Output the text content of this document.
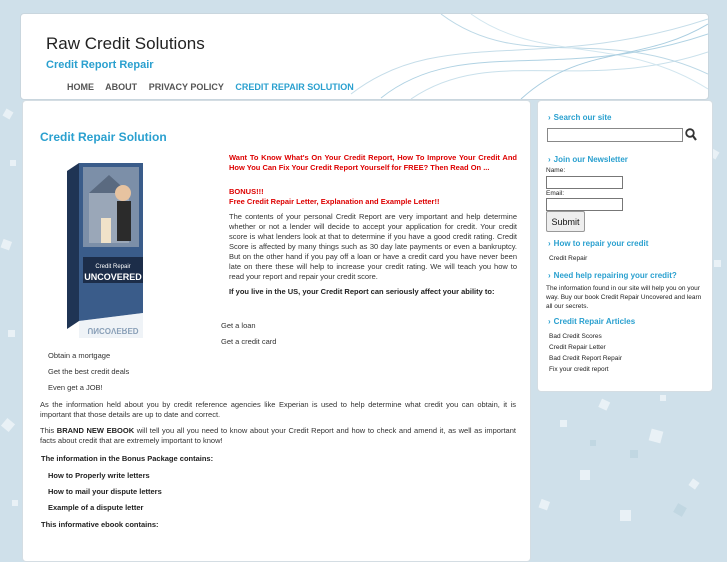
Raw Credit Solutions
Credit Report Repair
HOME ABOUT PRIVACY POLICY CREDIT REPAIR SOLUTION
Credit Repair Solution
Credit Repair
UNCOVERED
UNCOVERED

Want To Know What's On Your Credit Report, How To Improve Your Credit And How You Can Fix Your Credit Report Yourself for FREE? Then Read On ...

BONUS!!!

Free Credit Repair Letter, Explanation and Example Letter!!

The contents of your personal Credit Report are very important and help determine whether or not a lender will decide to accept your application for credit. Your credit score is what lenders look at that to determine if you have a good credit rating. Credit Score is affected by many things such as 30 day late payments or even a bankruptcy. But on the other hand if you pay off a loan or have a credit card you have never been late on there these will help to increase your credit rating. We will teach you how to read your report and repair your credit score.

If you live in the US, your Credit Report can seriously affect your ability to:

Get a loan
Get a credit card
Obtain a mortgage
Get the best credit deals
Even get a JOB!
As the information held about you by credit reference agencies like Experian is used to help determine what credit you can obtain, it is important that those details are up to date and correct.
This BRAND NEW EBOOK will tell you all you need to know about your Credit Report and how to check and amend it, as well as important facts about credit that are extremely important to know!
The information in the Bonus Package contains:
How to Properly write letters
How to mail your dispute letters
Example of a dispute letter
This informative ebook contains:
› Search our site
› Join our Newsletter
Name:
Email:
Submit
› How to repair your credit
Credit Repair
› Need help repairing your credit?
The information found in our site will help you on your way. Buy our book Credit Repair Uncovered and learn all our secrets.
› Credit Repair Articles
Bad Credit Scores
Credit Repair Letter
Bad Credit Report Repair
Fix your credit report
